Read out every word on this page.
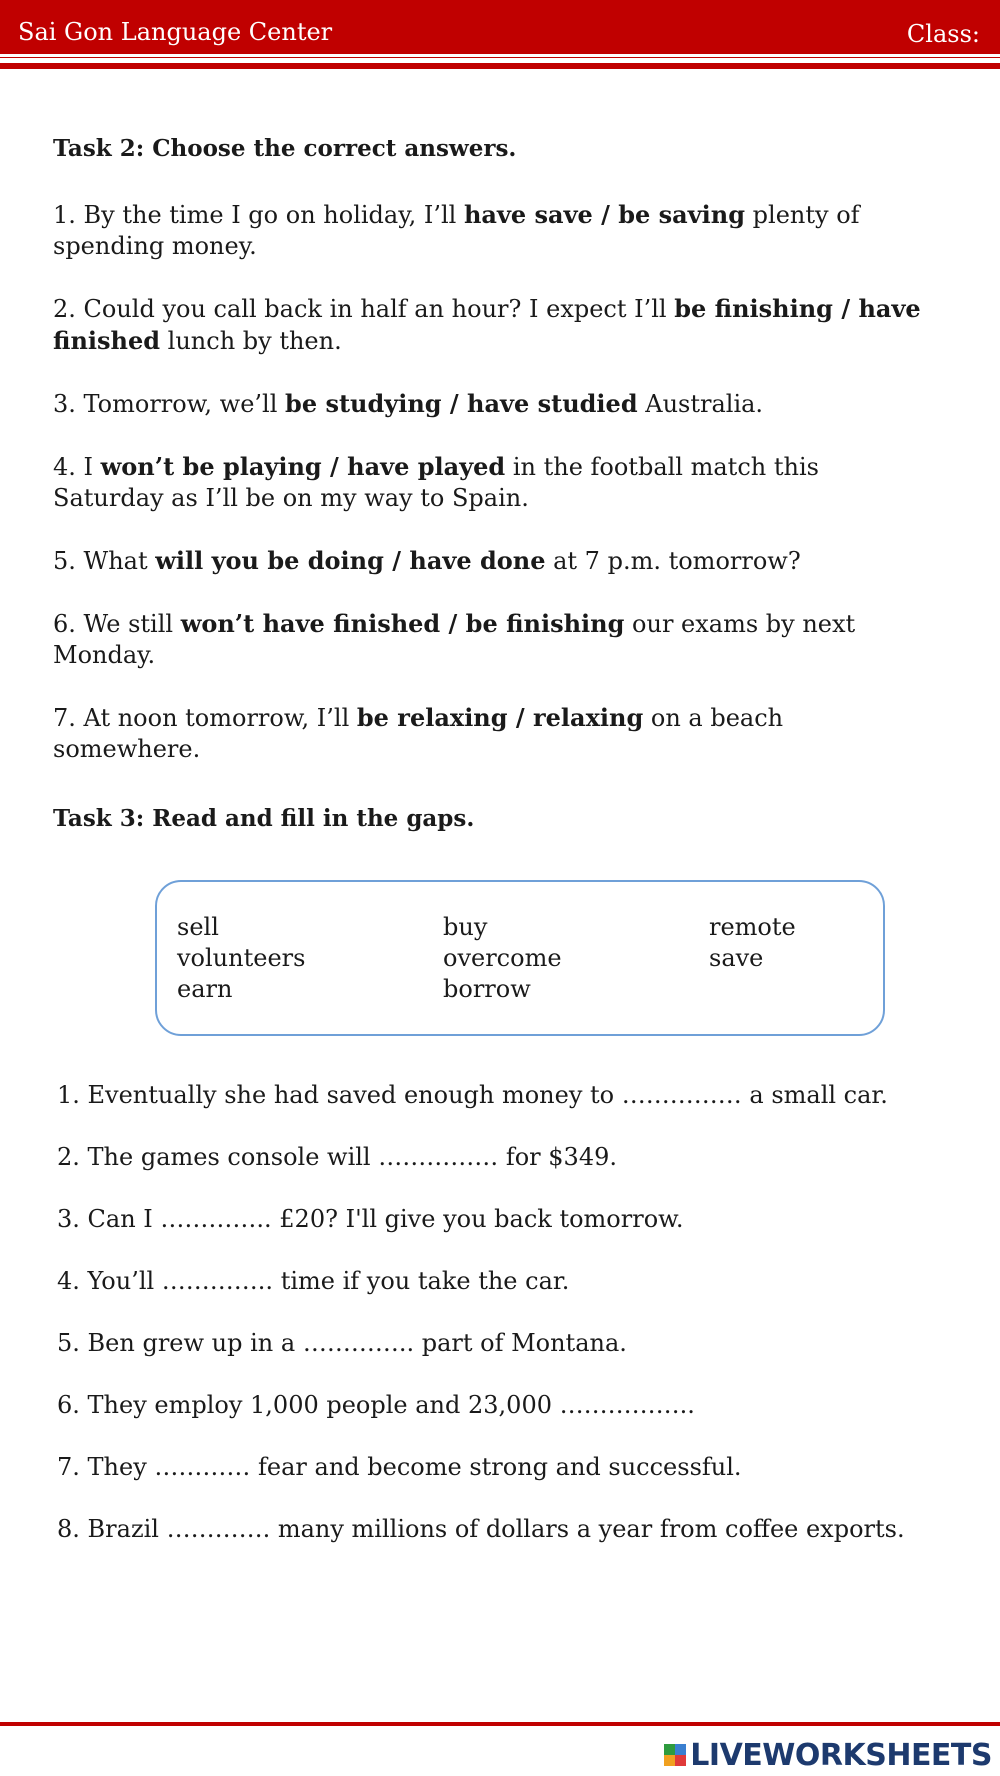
Sai Gon Language Center	Class:

Task 2: Choose the correct answers.

1. By the time I go on holiday, I’ll have save / be saving plenty of spending money.

2. Could you call back in half an hour? I expect I’ll be finishing / have finished lunch by then.

3. Tomorrow, we’ll be studying / have studied Australia.

4. I won’t be playing / have played in the football match this Saturday as I’ll be on my way to Spain.

5. What will you be doing / have done at 7 p.m. tomorrow?

6. We still won’t have finished / be finishing our exams by next Monday.

7. At noon tomorrow, I’ll be relaxing / relaxing on a beach somewhere.

Task 3: Read and fill in the gaps.

sell
volunteers
earn
buy
overcome
borrow
remote
save

1. Eventually she had saved enough money to …………… a small car.

2. The games console will …………… for $349.

3. Can I ………….. £20? I'll give you back tomorrow.

4. You’ll ………….. time if you take the car.

5. Ben grew up in a ………….. part of Montana.

6. They employ 1,000 people and 23,000 ……………..

7. They ………… fear and become strong and successful.

8. Brazil …………. many millions of dollars a year from coffee exports.

LIVEWORKSHEETS
